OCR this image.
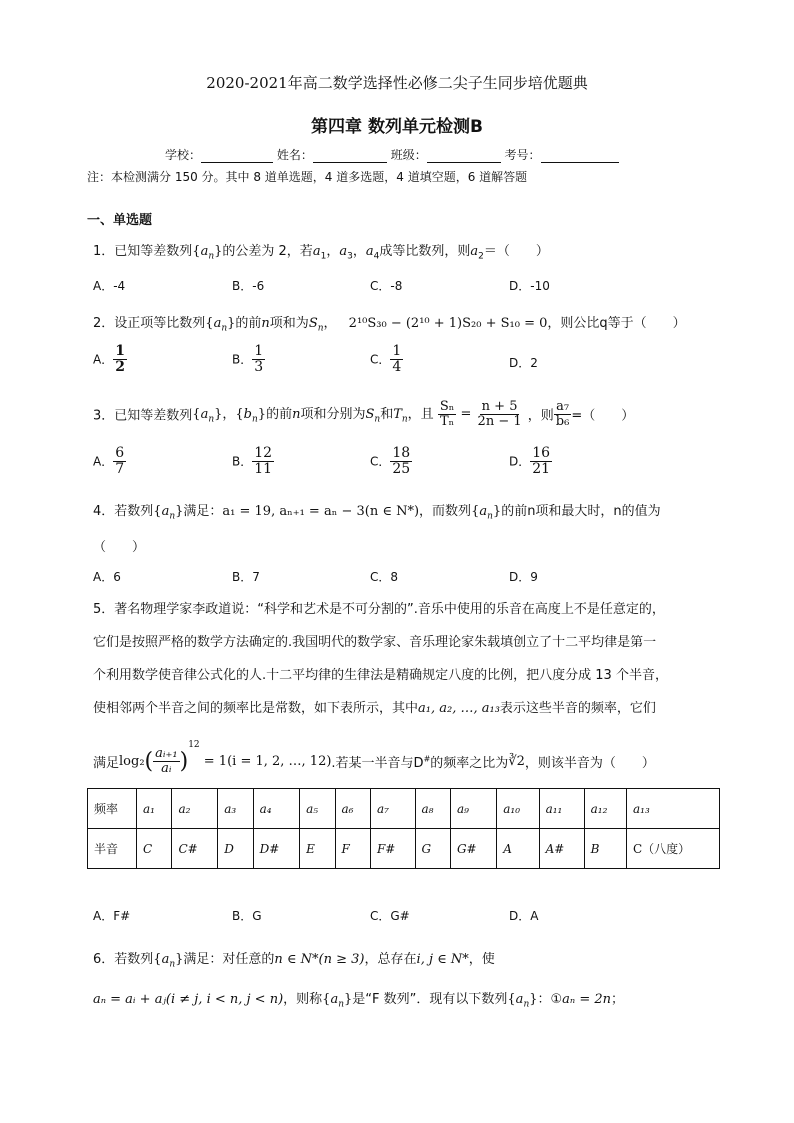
2020-2021年高二数学选择性必修二尖子生同步培优题典
第四章 数列单元检测B
学校：	姓名：	班级：	考号：
注：本检测满分 150 分。其中 8 道单选题，4 道多选题，4 道填空题，6 道解答题
一、单选题
1．已知等差数列$\{a_n\}$的公差为 2，若$a_1$，$a_3$，$a_4$成等比数列，则$a_2=$（　　）
A．-4	B．-6	C．-8	D．-10
2．设正项等比数列$\{a_n\}$的前n项和为$S_n$， 2¹⁰S₃₀ − (2¹⁰ + 1)S₂₀ + S₁₀ = 0，则公比q等于（　　）
A． $\frac{1}{2}$	B． $\frac{1}{3}$	C． $\frac{1}{4}$	D．2
3．已知等差数列$\{a_n\}$，$\{b_n\}$的前n项和分别为$S_n$和$T_n$，且 $\frac{\text{Sₙ}}{\text{Tₙ}} = \frac{n + 5}{2n - 1}$ ，则 $\frac{\text{a₇}}{\text{b₆}}$ =（　　）
A． $\frac{6}{7}$	B． $\frac{12}{11}$	C． $\frac{18}{25}$	D． $\frac{16}{21}$
4．若数列$\{a_n\}$满足：a₁ = 19, aₙ₊₁ = aₙ − 3(n ∈ N*)，而数列$\{a_n\}$的前n项和最大时，n的值为
（　　）
A．6	B．7	C．8	D．9
5．著名物理学家李政道说：“科学和艺术是不可分割的”.音乐中使用的乐音在高度上不是任意定的，
它们是按照严格的数学方法确定的.我国明代的数学家、音乐理论家朱载填创立了十二平均律是第一
个利用数学使音律公式化的人.十二平均律的生律法是精确规定八度的比例，把八度分成 13 个半音，
使相邻两个半音之间的频率比是常数，如下表所示，其中a₁, a₂, …, a₁₃表示这些半音的频率，它们
满足$\log_2( \frac{\text{aᵢ₊₁}}{\text{aᵢ}} )^{12} = 1(i = 1$, 2, …, 12).若某一半音与D#的频率之比为∛2，则该半音为（　　）
频率	a₁	a₂	a₃	a₄	a₅	a₆	a₇	a₈	a₉	a₁₀	a₁₁	a₁₂	a₁₃
半音	C	C#	D	D#	E	F	F#	G	G#	A	A#	B	C（八度）
A．F#	B．G	C．G#	D．A
6．若数列$\{a_n\}$满足：对任意的n ∈ N*(n ≥ 3)，总存在i, j ∈ N*，使
aₙ = aᵢ + aⱼ(i ≠ j, i < n, j < n)，则称$\{a_n\}$是“F 数列”．现有以下数列$\{a_n\}$：①aₙ = 2n；
